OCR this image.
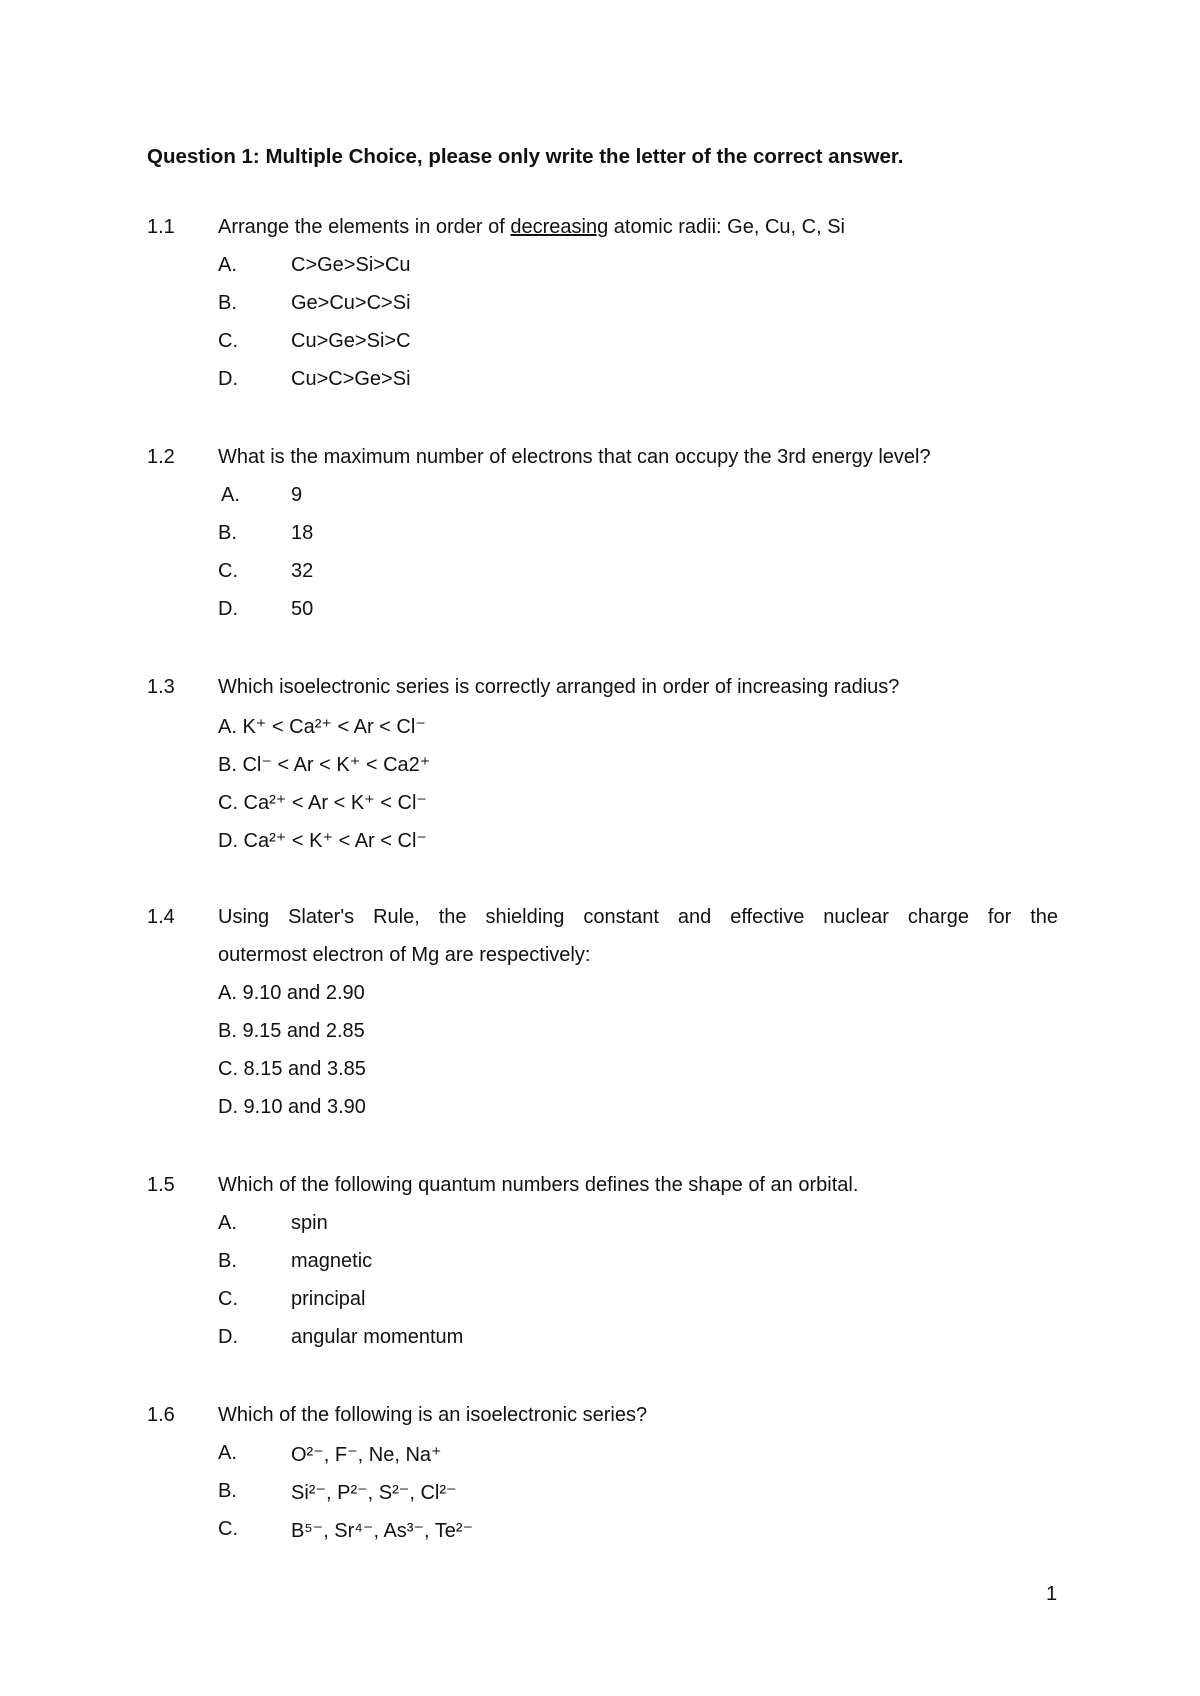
Question 1: Multiple Choice, please only write the letter of the correct answer.
1.1 Arrange the elements in order of decreasing atomic radii: Ge, Cu, C, Si
A.	C>Ge>Si>Cu
B.	Ge>Cu>C>Si
C.	Cu>Ge>Si>C
D.	Cu>C>Ge>Si
1.2 What is the maximum number of electrons that can occupy the 3rd energy level?
A.	9
B.	18
C.	32
D.	50
1.3 Which isoelectronic series is correctly arranged in order of increasing radius?
A. K⁺ < Ca²⁺ < Ar < Cl⁻
B. Cl⁻ < Ar < K⁺ < Ca2⁺
C. Ca²⁺ < Ar < K⁺ < Cl⁻
D. Ca²⁺ < K⁺ < Ar < Cl⁻
1.4 Using Slater's Rule, the shielding constant and effective nuclear charge for the
outermost electron of Mg are respectively:
A. 9.10 and 2.90
B. 9.15 and 2.85
C. 8.15 and 3.85
D. 9.10 and 3.90
1.5 Which of the following quantum numbers defines the shape of an orbital.
A.	spin
B.	magnetic
C.	principal
D.	angular momentum
1.6 Which of the following is an isoelectronic series?
A.	O²⁻, F⁻, Ne, Na⁺
B.	Si²⁻, P²⁻, S²⁻, Cl²⁻
C.	B⁵⁻, Sr⁴⁻, As³⁻, Te²⁻
1
